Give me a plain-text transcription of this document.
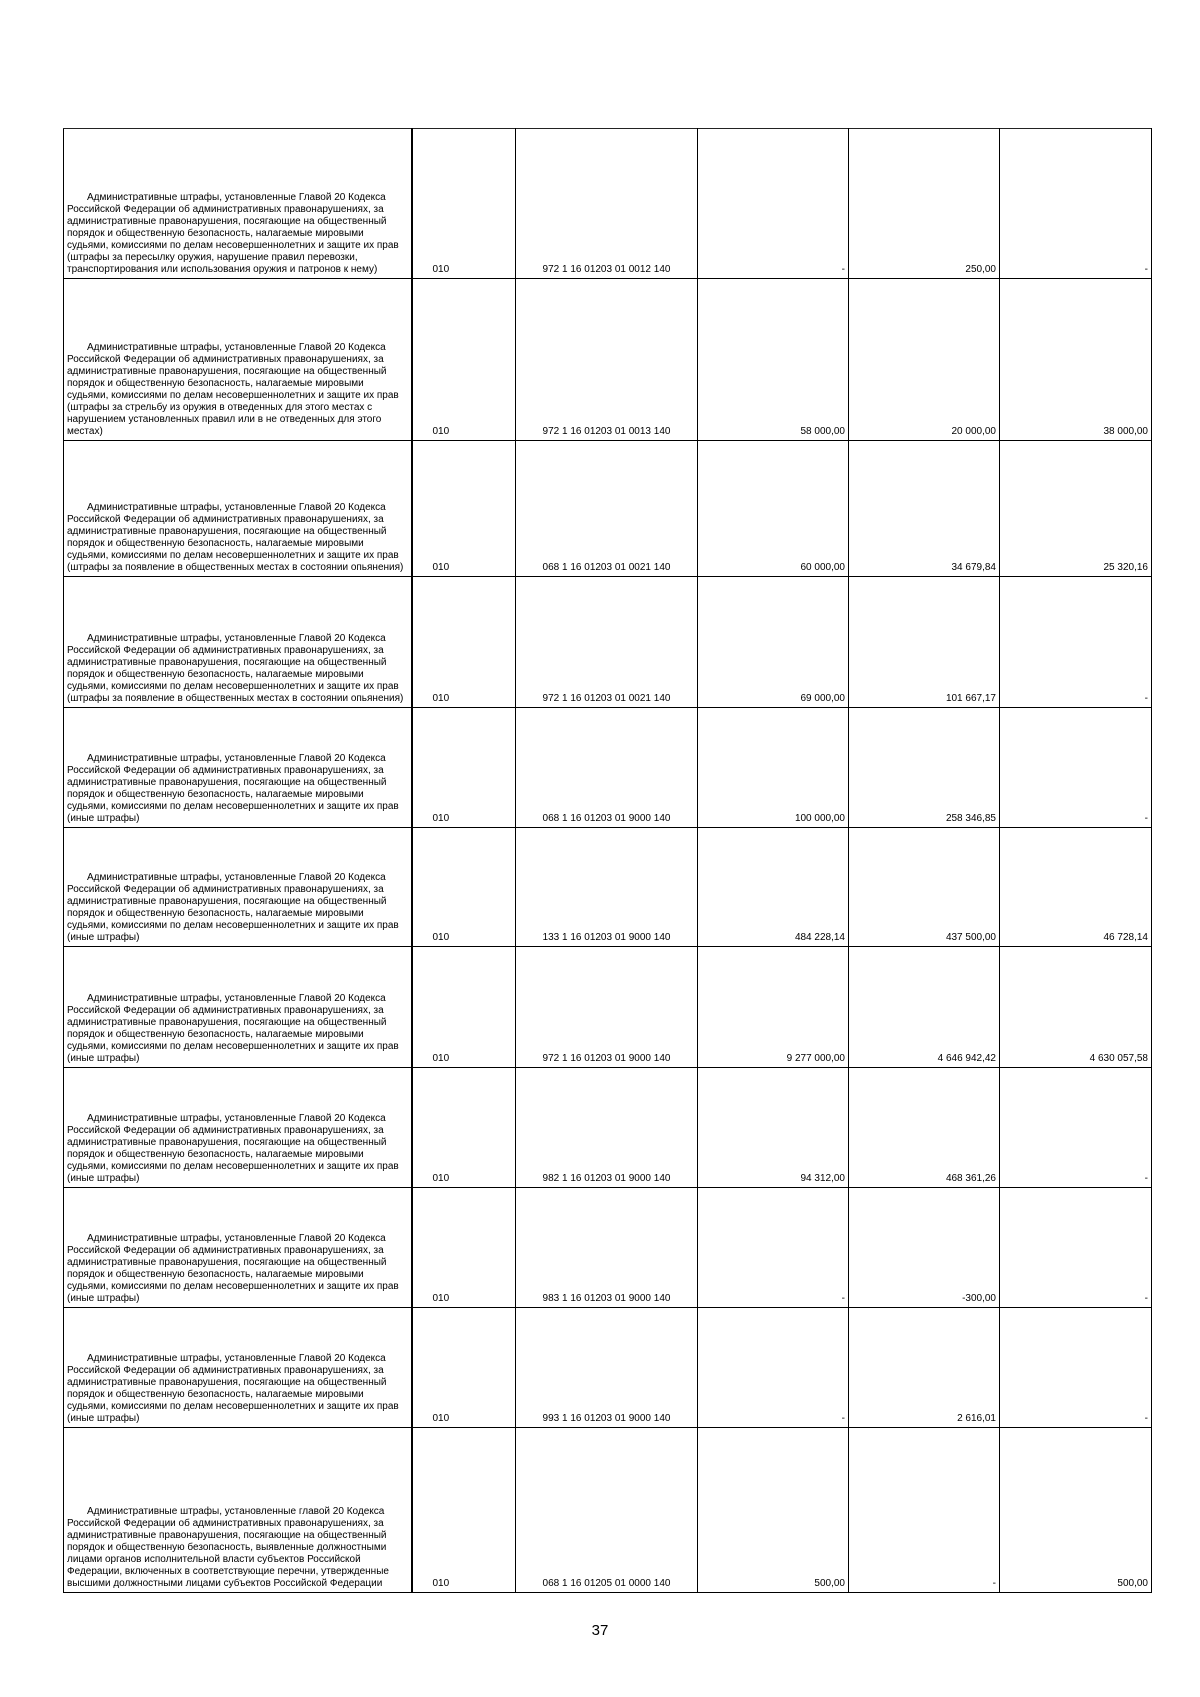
Административные штрафы, установленные Главой 20 Кодекса Российской Федерации об административных правонарушениях, за административные правонарушения, посягающие на общественный порядок и общественную безопасность, налагаемые мировыми судьями, комиссиями по делам несовершеннолетних и защите их прав (штрафы за пересылку оружия, нарушение правил перевозки, транспортирования или использования оружия и патронов к нему)	010	972 1 16 01203 01 0012 140	-	250,00	-

Административные штрафы, установленные Главой 20 Кодекса Российской Федерации об административных правонарушениях, за административные правонарушения, посягающие на общественный порядок и общественную безопасность, налагаемые мировыми судьями, комиссиями по делам несовершеннолетних и защите их прав (штрафы за стрельбу из оружия в отведенных для этого местах с нарушением установленных правил или в не отведенных для этого местах)	010	972 1 16 01203 01 0013 140	58 000,00	20 000,00	38 000,00

Административные штрафы, установленные Главой 20 Кодекса Российской Федерации об административных правонарушениях, за административные правонарушения, посягающие на общественный порядок и общественную безопасность, налагаемые мировыми судьями, комиссиями по делам несовершеннолетних и защите их прав (штрафы за появление в общественных местах в состоянии опьянения)	010	068 1 16 01203 01 0021 140	60 000,00	34 679,84	25 320,16

Административные штрафы, установленные Главой 20 Кодекса Российской Федерации об административных правонарушениях, за административные правонарушения, посягающие на общественный порядок и общественную безопасность, налагаемые мировыми судьями, комиссиями по делам несовершеннолетних и защите их прав (штрафы за появление в общественных местах в состоянии опьянения)	010	972 1 16 01203 01 0021 140	69 000,00	101 667,17	-

Административные штрафы, установленные Главой 20 Кодекса Российской Федерации об административных правонарушениях, за административные правонарушения, посягающие на общественный порядок и общественную безопасность, налагаемые мировыми судьями, комиссиями по делам несовершеннолетних и защите их прав (иные штрафы)	010	068 1 16 01203 01 9000 140	100 000,00	258 346,85	-

Административные штрафы, установленные Главой 20 Кодекса Российской Федерации об административных правонарушениях, за административные правонарушения, посягающие на общественный порядок и общественную безопасность, налагаемые мировыми судьями, комиссиями по делам несовершеннолетних и защите их прав (иные штрафы)	010	133 1 16 01203 01 9000 140	484 228,14	437 500,00	46 728,14

Административные штрафы, установленные Главой 20 Кодекса Российской Федерации об административных правонарушениях, за административные правонарушения, посягающие на общественный порядок и общественную безопасность, налагаемые мировыми судьями, комиссиями по делам несовершеннолетних и защите их прав (иные штрафы)	010	972 1 16 01203 01 9000 140	9 277 000,00	4 646 942,42	4 630 057,58

Административные штрафы, установленные Главой 20 Кодекса Российской Федерации об административных правонарушениях, за административные правонарушения, посягающие на общественный порядок и общественную безопасность, налагаемые мировыми судьями, комиссиями по делам несовершеннолетних и защите их прав (иные штрафы)	010	982 1 16 01203 01 9000 140	94 312,00	468 361,26	-

Административные штрафы, установленные Главой 20 Кодекса Российской Федерации об административных правонарушениях, за административные правонарушения, посягающие на общественный порядок и общественную безопасность, налагаемые мировыми судьями, комиссиями по делам несовершеннолетних и защите их прав (иные штрафы)	010	983 1 16 01203 01 9000 140	-	-300,00	-

Административные штрафы, установленные Главой 20 Кодекса Российской Федерации об административных правонарушениях, за административные правонарушения, посягающие на общественный порядок и общественную безопасность, налагаемые мировыми судьями, комиссиями по делам несовершеннолетних и защите их прав (иные штрафы)	010	993 1 16 01203 01 9000 140	-	2 616,01	-

Административные штрафы, установленные главой 20 Кодекса Российской Федерации об административных правонарушениях, за административные правонарушения, посягающие на общественный порядок и общественную безопасность, выявленные должностными лицами органов исполнительной власти субъектов Российской Федерации, включенных в соответствующие перечни, утвержденные высшими должностными лицами субъектов Российской Федерации	010	068 1 16 01205 01 0000 140	500,00	-	500,00
37
